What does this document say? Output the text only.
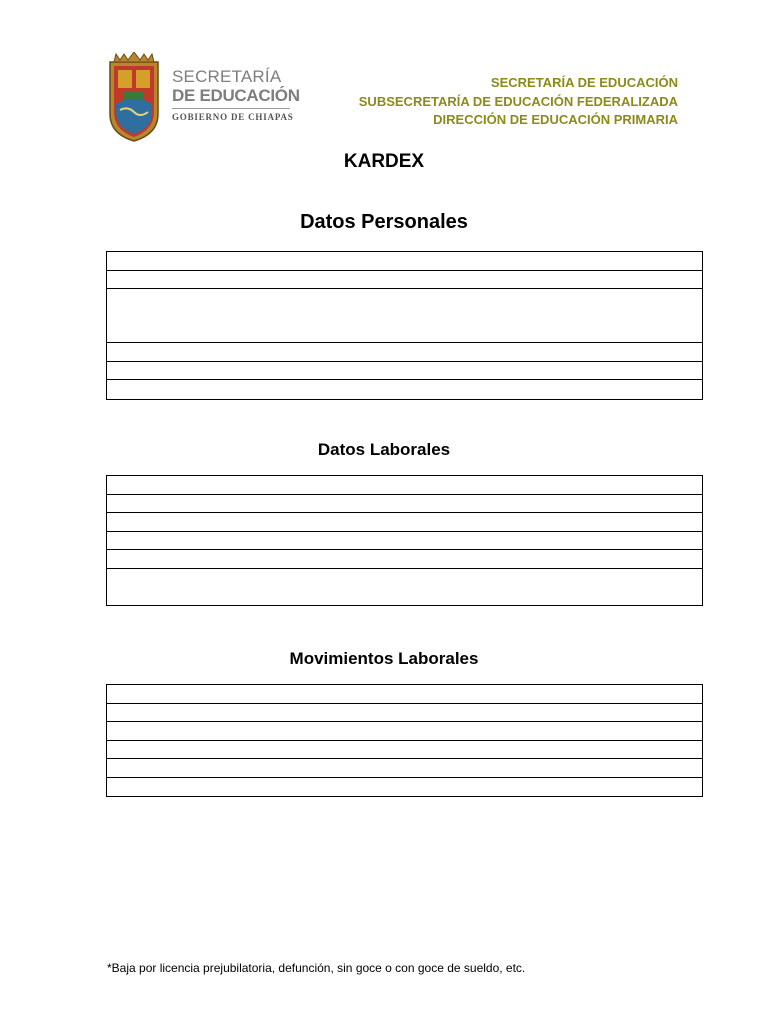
SECRETARÍA
DE EDUCACIÓN
GOBIERNO DE CHIAPAS
SECRETARÍA DE EDUCACIÓN
SUBSECRETARÍA DE EDUCACIÓN FEDERALIZADA
DIRECCIÓN DE EDUCACIÓN PRIMARIA
KARDEX
Datos Personales
Datos Laborales
Movimientos Laborales
*Baja por licencia prejubilatoria, defunción, sin goce o con goce de sueldo, etc.
